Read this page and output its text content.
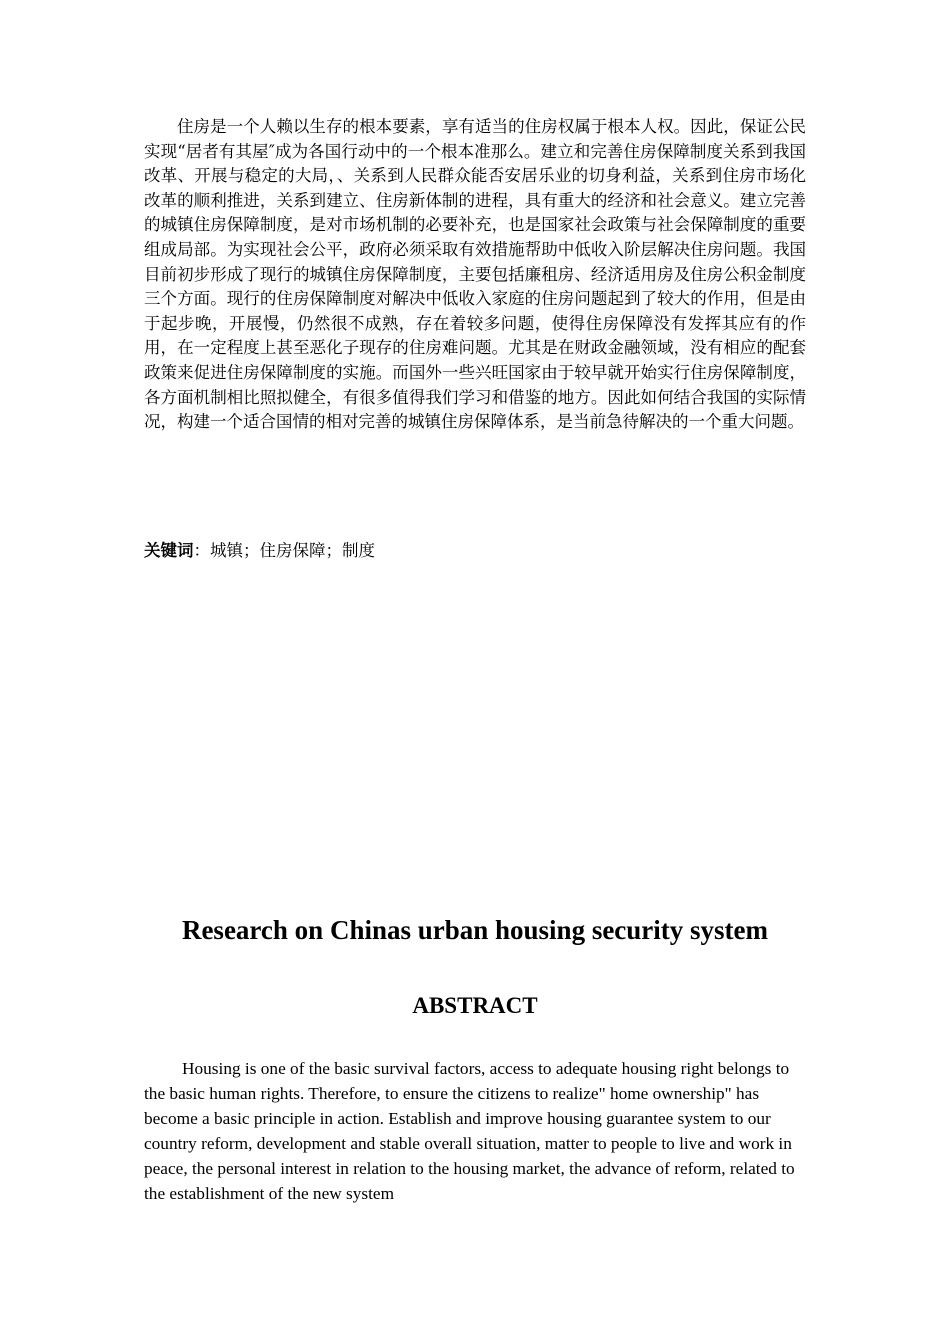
住房是一个人赖以生存的根本要素，享有适当的住房权属于根本人权。因此，保证公民实现“居者有其屋″成为各国行动中的一个根本准那么。建立和完善住房保障制度关系到我国改革、开展与稳定的大局，、关系到人民群众能否安居乐业的切身利益，关系到住房市场化改革的顺利推进，关系到建立、住房新体制的进程，具有重大的经济和社会意义。建立完善的城镇住房保障制度，是对市场机制的必要补充，也是国家社会政策与社会保障制度的重要组成局部。为实现社会公平，政府必须采取有效措施帮助中低收入阶层解决住房问题。我国目前初步形成了现行的城镇住房保障制度，主要包括廉租房、经济适用房及住房公积金制度三个方面。现行的住房保障制度对解决中低收入家庭的住房问题起到了较大的作用，但是由于起步晚，开展慢，仍然很不成熟，存在着较多问题，使得住房保障没有发挥其应有的作用，在一定程度上甚至恶化子现存的住房难问题。尤其是在财政金融领域，没有相应的配套政策来促进住房保障制度的实施。而国外一些兴旺国家由于较早就开始实行住房保障制度，各方面机制相比照拟健全，有很多值得我们学习和借鉴的地方。因此如何结合我国的实际情况，构建一个适合国情的相对完善的城镇住房保障体系，是当前急待解决的一个重大问题。

关键词：城镇；住房保障；制度

Research on Chinas urban housing security system
ABSTRACT

Housing is one of the basic survival factors, access to adequate housing right belongs to the basic human rights. Therefore, to ensure the citizens to realize" home ownership" has become a basic principle in action. Establish and improve housing guarantee system to our country reform, development and stable overall situation, matter to people to live and work in peace, the personal interest in relation to the housing market, the advance of reform, related to the establishment of the new system
